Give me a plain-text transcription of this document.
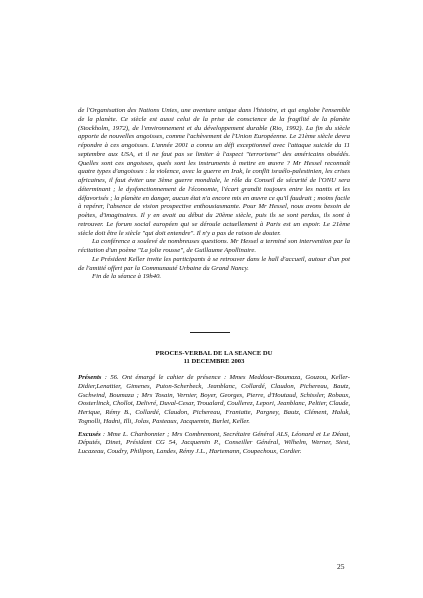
de l'Organisation des Nations Unies, une aventure unique dans l'histoire, et qui englobe l'ensemble de la planète. Ce siècle est aussi celui de la prise de conscience de la fragilité de la planète (Stockholm, 1972), de l'environnement et du développement durable (Rio, 1992). La fin du siècle apporte de nouvelles angoisses, comme l'achèvement de l'Union Européenne. Le 21ème siècle devra répondre à ces angoisses. L'année 2001 a connu un défi exceptionnel avec l'attaque suicide du 11 septembre aux USA, et il ne faut pas se limiter à l'aspect "terrorisme" des américains obsédés. Quelles sont ces angoisses, quels sont les instruments à mettre en œuvre ? Mr Hessel reconnaît quatre types d'angoisses : la violence, avec la guerre en Irak, le conflit israélo-palestinien, les crises africaines, il faut éviter une 3ème guerre mondiale, le rôle du Conseil de sécurité de l'ONU sera déterminant ; le dysfonctionnement de l'économie, l'écart grandit toujours entre les nantis et les défavorisés ; la planète en danger, aucun état n'a encore mis en œuvre ce qu'il faudrait ; moins facile à repérer, l'absence de vision prospective enthousiasmante. Pour Mr Hessel, nous avons besoin de poètes, d'imaginaires. Il y en avait au début du 20ème siècle, puis ils se sont perdus, ils sont à retrouver. Le forum social européen qui se déroule actuellement à Paris est un espoir. Le 21ème siècle doit être le siècle "qui doit entendre". Il n'y a pas de raison de douter.

La conférence a soulevé de nombreuses questions. Mr Hessel a terminé son intervention par la récitation d'un poème "La jolie rousse", de Guillaume Apollinaire.

Le Président Keller invite les participants à se retrouver dans le hall d'accueil, autour d'un pot de l'amitié offert par la Communauté Urbaine du Grand Nancy.

Fin de la séance à 19h40.

PROCES-VERBAL DE LA SEANCE DU
11 DECEMBRE 2003

Présents : 56. Ont émargé le cahier de présence : Mmes Meddour-Boumaza, Gouzou, Keller-Didier,Lenattier, Gimenes, Puton-Scherbeck, Jeanblanc, Collardé, Claudon, Pichereau, Bautz, Gschwind, Boumaza ; Mrs Tosain, Vernier, Boyer, Georges, Pierre, d'Houtaud, Schissler, Robaux, Oosterlinck, Chollot, Delivré, Duval-Cesar, Troualard, Coullerez, Lepori, Jeanblanc, Peltier, Claude, Herique, Rémy B., Collardé, Claudon, Pichereau, Franiatte, Pargney, Bautz, Clément, Haluk, Tognolli, Hadni, Illi, Jolas, Pasteaux, Jacquemin, Burlet, Keller.

Excusés : Mme L. Charbonnier ; Mrs Combremont, Secrétaire Général ALS, Léonard et Le Déaut, Députés, Dinet, Président CG 54, Jacquemin P., Conseiller Général, Wilhelm, Werner, Siest, Lucazeau, Coudry, Philipon, Landes, Rémy J.L., Hartemann, Coupechoux, Cordier.

25
